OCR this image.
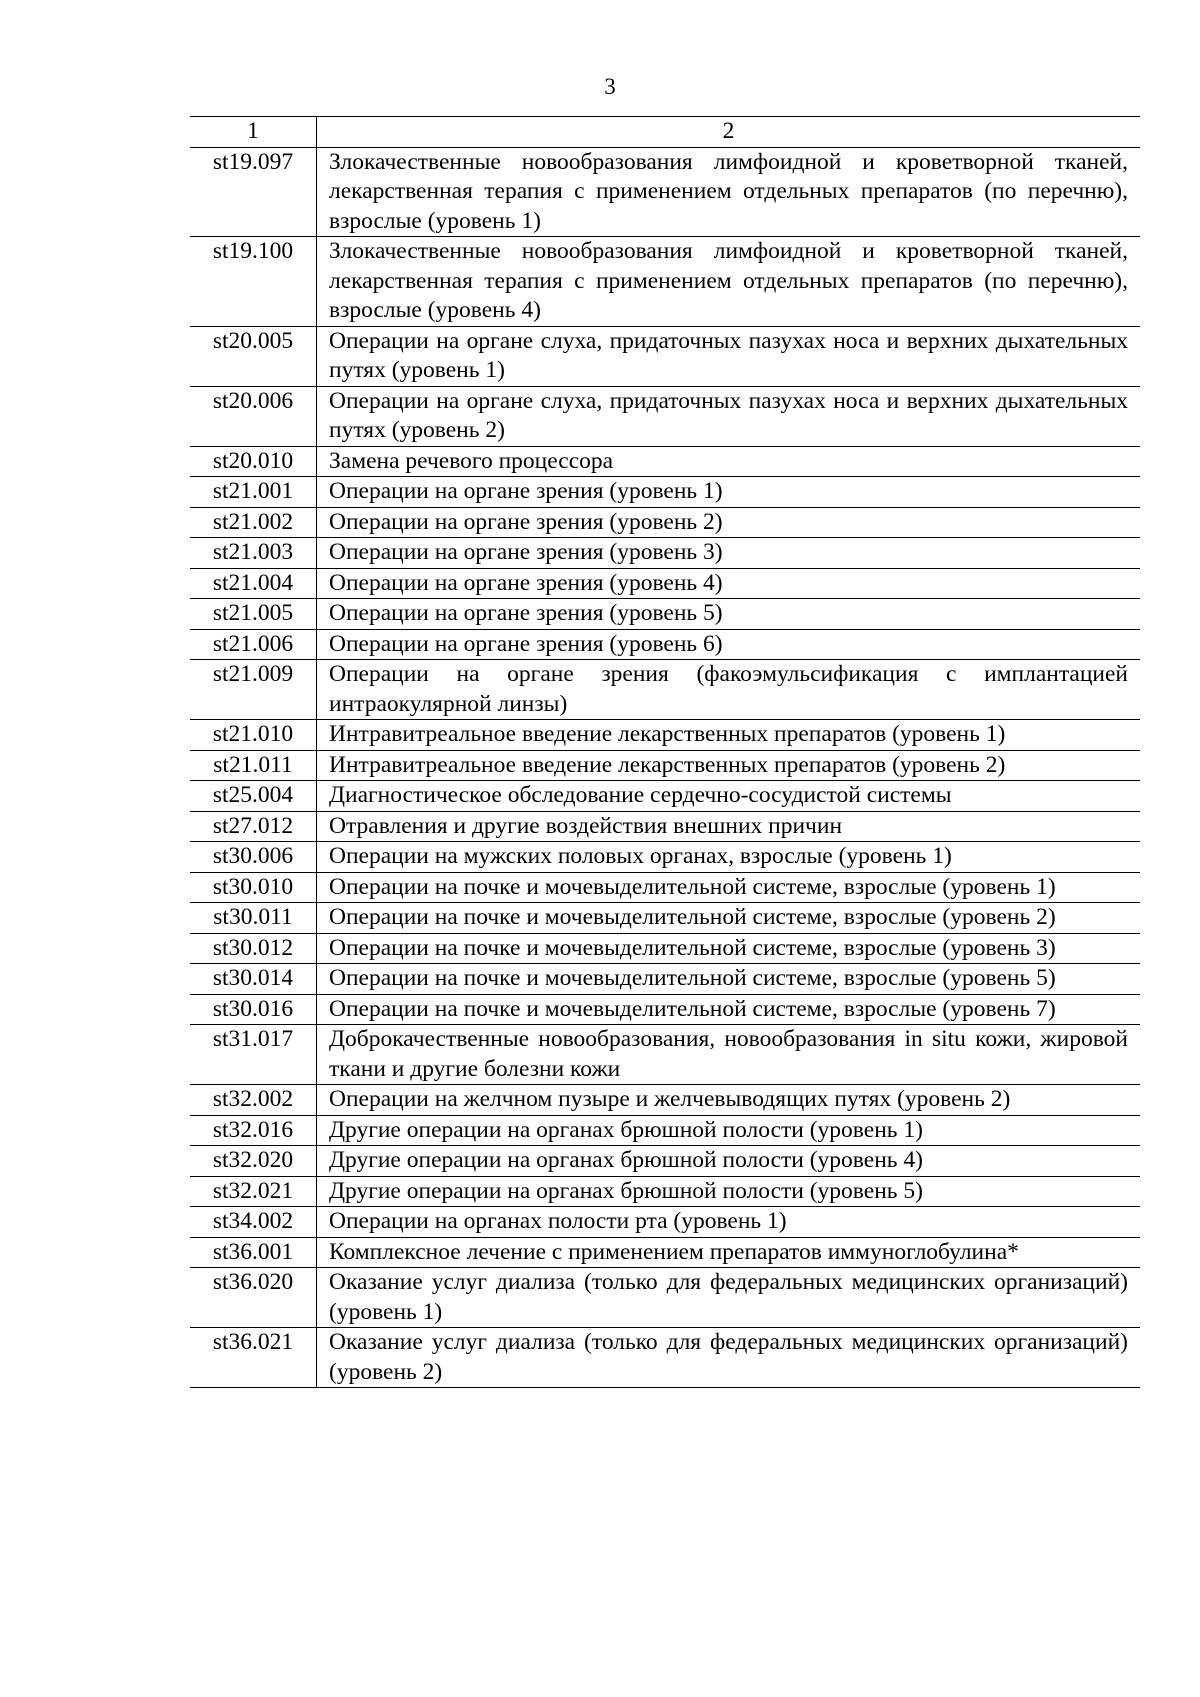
3
1	2
st19.097	Злокачественные новообразования лимфоидной и кроветворной тканей, лекарственная терапия с применением отдельных препаратов (по перечню), взрослые (уровень 1)
st19.100	Злокачественные новообразования лимфоидной и кроветворной тканей, лекарственная терапия с применением отдельных препаратов (по перечню), взрослые (уровень 4)
st20.005	Операции на органе слуха, придаточных пазухах носа и верхних дыхательных путях (уровень 1)
st20.006	Операции на органе слуха, придаточных пазухах носа и верхних дыхательных путях (уровень 2)
st20.010	Замена речевого процессора
st21.001	Операции на органе зрения (уровень 1)
st21.002	Операции на органе зрения (уровень 2)
st21.003	Операции на органе зрения (уровень 3)
st21.004	Операции на органе зрения (уровень 4)
st21.005	Операции на органе зрения (уровень 5)
st21.006	Операции на органе зрения (уровень 6)
st21.009	Операции на органе зрения (факоэмульсификация с имплантацией интраокулярной линзы)
st21.010	Интравитреальное введение лекарственных препаратов (уровень 1)
st21.011	Интравитреальное введение лекарственных препаратов (уровень 2)
st25.004	Диагностическое обследование сердечно-сосудистой системы
st27.012	Отравления и другие воздействия внешних причин
st30.006	Операции на мужских половых органах, взрослые (уровень 1)
st30.010	Операции на почке и мочевыделительной системе, взрослые (уровень 1)
st30.011	Операции на почке и мочевыделительной системе, взрослые (уровень 2)
st30.012	Операции на почке и мочевыделительной системе, взрослые (уровень 3)
st30.014	Операции на почке и мочевыделительной системе, взрослые (уровень 5)
st30.016	Операции на почке и мочевыделительной системе, взрослые (уровень 7)
st31.017	Доброкачественные новообразования, новообразования in situ кожи, жировой ткани и другие болезни кожи
st32.002	Операции на желчном пузыре и желчевыводящих путях (уровень 2)
st32.016	Другие операции на органах брюшной полости (уровень 1)
st32.020	Другие операции на органах брюшной полости (уровень 4)
st32.021	Другие операции на органах брюшной полости (уровень 5)
st34.002	Операции на органах полости рта (уровень 1)
st36.001	Комплексное лечение с применением препаратов иммуноглобулина*
st36.020	Оказание услуг диализа (только для федеральных медицинских организаций) (уровень 1)
st36.021	Оказание услуг диализа (только для федеральных медицинских организаций) (уровень 2)
